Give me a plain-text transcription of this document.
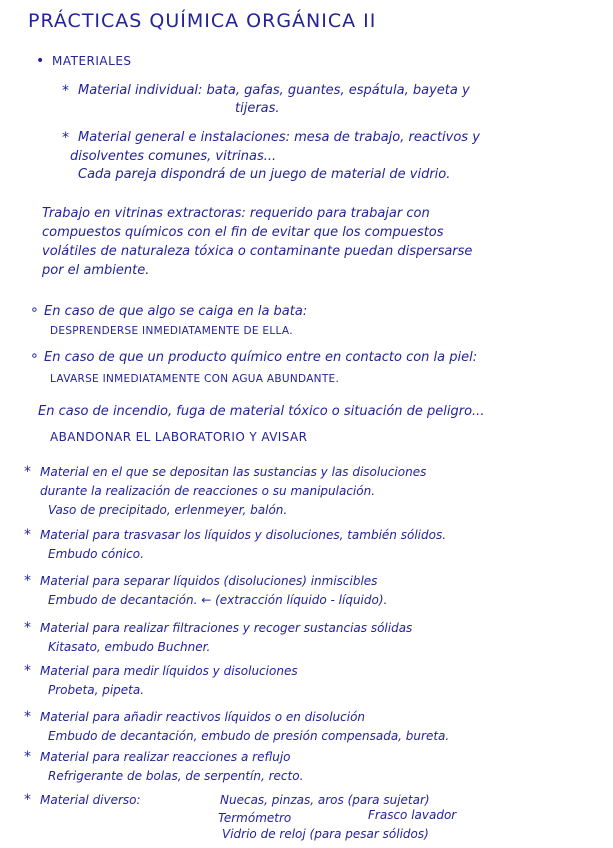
PRÁCTICAS QUÍMICA ORGÁNICA II
• MATERIALES
* Material individual: bata, gafas, guantes, espátula, bayeta y
tijeras.
* Material general e instalaciones: mesa de trabajo, reactivos y
disolventes comunes, vitrinas...
Cada pareja dispondrá de un juego de material de vidrio.
Trabajo en vitrinas extractoras: requerido para trabajar con
compuestos químicos con el fin de evitar que los compuestos
volátiles de naturaleza tóxica o contaminante puedan dispersarse
por el ambiente.
∘ En caso de que algo se caiga en la bata:
DESPRENDERSE INMEDIATAMENTE DE ELLA.
∘ En caso de que un producto químico entre en contacto con la piel:
LAVARSE INMEDIATAMENTE CON AGUA ABUNDANTE.
En caso de incendio, fuga de material tóxico o situación de peligro...
ABANDONAR EL LABORATORIO Y AVISAR
* Material en el que se depositan las sustancias y las disoluciones
durante la realización de reacciones o su manipulación.
Vaso de precipitado, erlenmeyer, balón.
* Material para trasvasar los líquidos y disoluciones, también sólidos.
Embudo cónico.
* Material para separar líquidos (disoluciones) inmiscibles
Embudo de decantación. ← (extracción líquido - líquido).
* Material para realizar filtraciones y recoger sustancias sólidas
Kitasato, embudo Buchner.
* Material para medir líquidos y disoluciones
Probeta, pipeta.
* Material para añadir reactivos líquidos o en disolución
Embudo de decantación, embudo de presión compensada, bureta.
* Material para realizar reacciones a reflujo
Refrigerante de bolas, de serpentín, recto.
* Material diverso:	Nuecas, pinzas, aros (para sujetar)
Termómetro	Frasco lavador
Vidrio de reloj (para pesar sólidos)
